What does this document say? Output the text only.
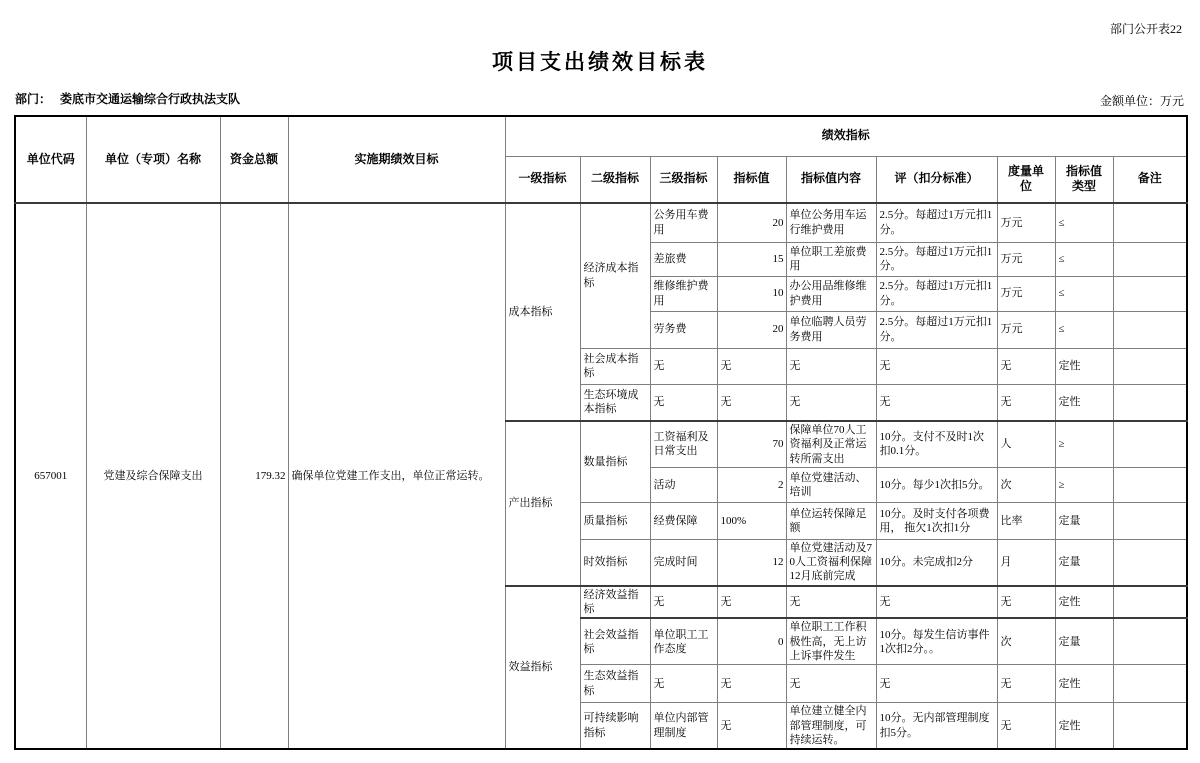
部门公开表22
项目支出绩效目标表
部门： 娄底市交通运输综合行政执法支队	金额单位：万元
单位代码	单位（专项）名称	资金总额	实施期绩效目标	绩效指标								
				一级指标	二级指标	三级指标	指标值	指标值内容	评（扣分标准）	度量单位	指标值类型	备注
657001	党建及综合保障支出	179.32	确保单位党建工作支出，单位正常运转。	成本指标	经济成本指标	公务用车费用	20	单位公务用车运行维护费用	2.5分。每超过1万元扣1分。	万元	≤	
						差旅费	15	单位职工差旅费用	2.5分。每超过1万元扣1分。	万元	≤	
						维修维护费用	10	办公用品维修维护费用	2.5分。每超过1万元扣1分。	万元	≤	
						劳务费	20	单位临聘人员劳务费用	2.5分。每超过1万元扣1分。	万元	≤	
					社会成本指标	无	无	无	无	无	定性	
					生态环境成本指标	无	无	无	无	无	定性	
				产出指标	数量指标	工资福利及日常支出	70	保障单位70人工资福利及正常运转所需支出	10分。支付不及时1次扣0.1分。	人	≥	
						活动	2	单位党建活动、培训	10分。每少1次扣5分。	次	≥	
					质量指标	经费保障	100%	单位运转保障足额	10分。及时支付各项费用， 拖欠1次扣1分	比率	定量	
					时效指标	完成时间	12	单位党建活动及70人工资福利保障12月底前完成	10分。未完成扣2分	月	定量	
				效益指标	经济效益指标	无	无	无	无	无	定性	
					社会效益指标	单位职工工作态度	0	单位职工工作积极性高，无上访上诉事件发生	10分。每发生信访事件1次扣2分。。	次	定量	
					生态效益指标	无	无	无	无	无	定性	
					可持续影响指标	单位内部管理制度	无	单位建立健全内部管理制度，可持续运转。	10分。无内部管理制度扣5分。	无	定性	
